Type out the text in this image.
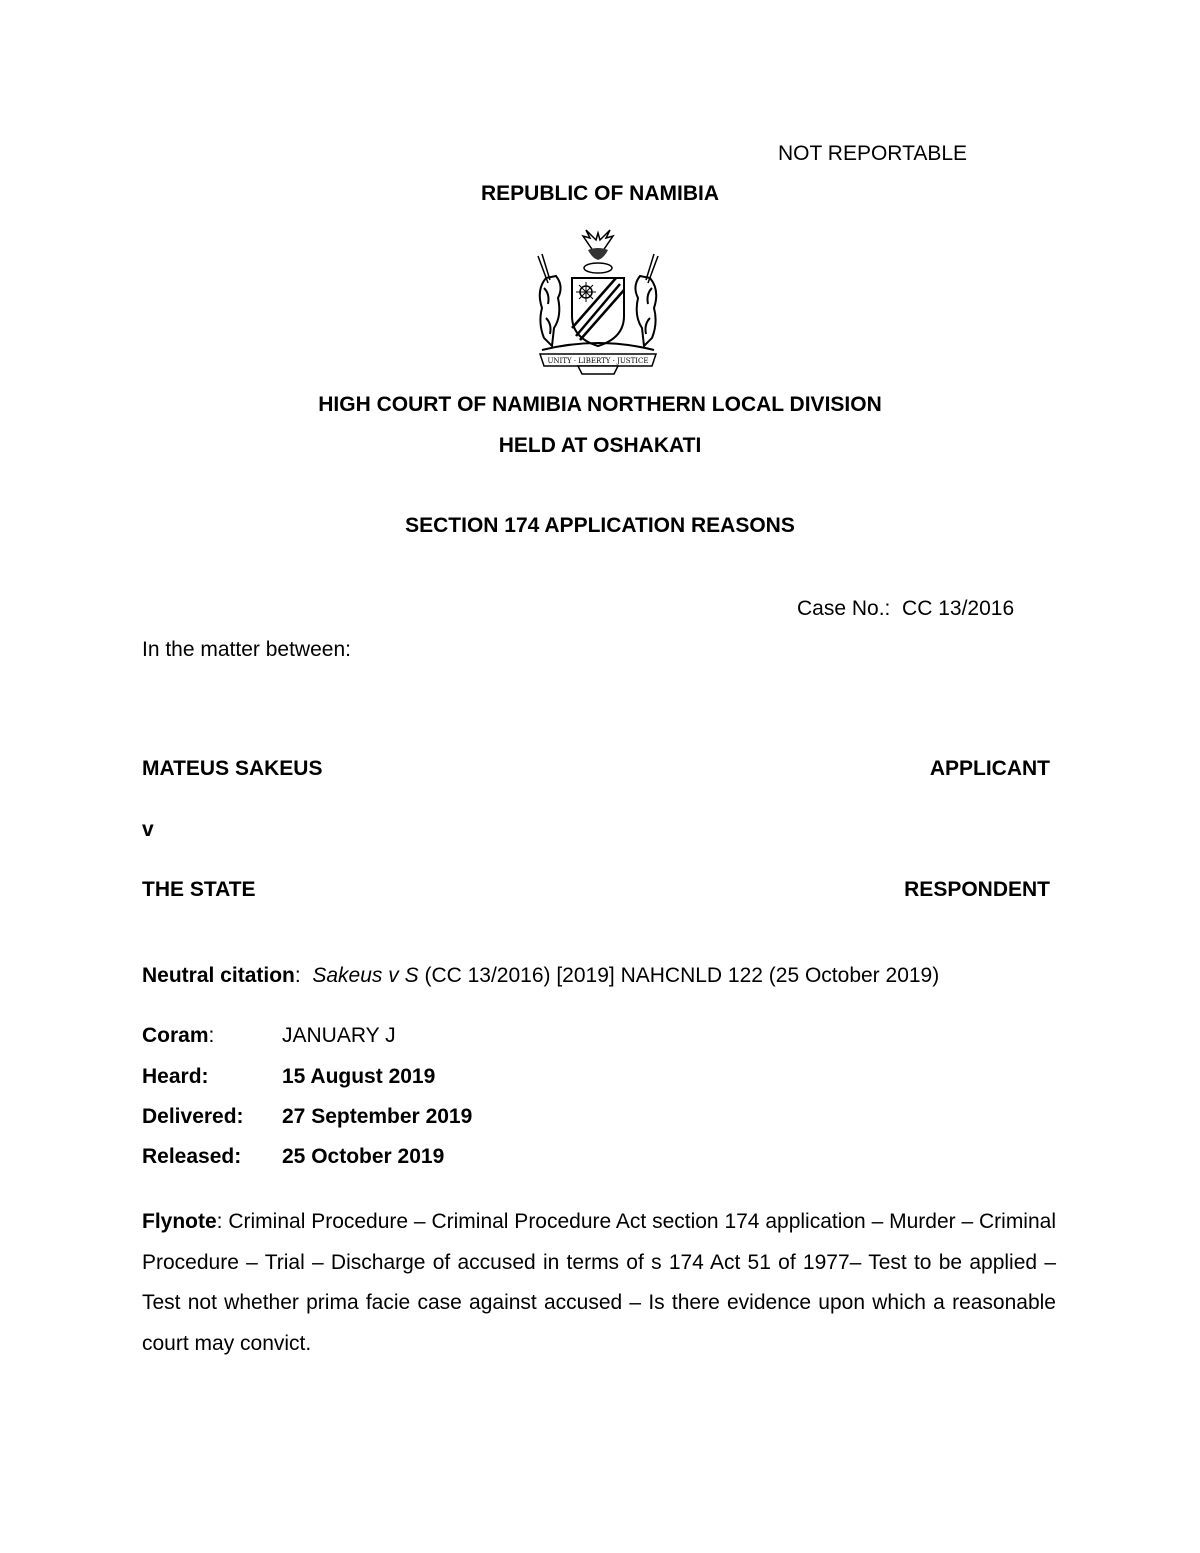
NOT REPORTABLE
REPUBLIC OF NAMIBIA
UNITY · LIBERTY · JUSTICE
HIGH COURT OF NAMIBIA NORTHERN LOCAL DIVISION
HELD AT OSHAKATI
SECTION 174 APPLICATION REASONS
Case No.: CC 13/2016
In the matter between:
MATEUS SAKEUS	APPLICANT
v
THE STATE	RESPONDENT
Neutral citation: Sakeus v S (CC 13/2016) [2019] NAHCNLD 122 (25 October 2019)
Coram:	JANUARY J
Heard:	15 August 2019
Delivered: 27 September 2019
Released: 25 October 2019
Flynote: Criminal Procedure – Criminal Procedure Act section 174 application – Murder – Criminal Procedure – Trial – Discharge of accused in terms of s 174 Act 51 of 1977– Test to be applied – Test not whether prima facie case against accused – Is there evidence upon which a reasonable court may convict.
